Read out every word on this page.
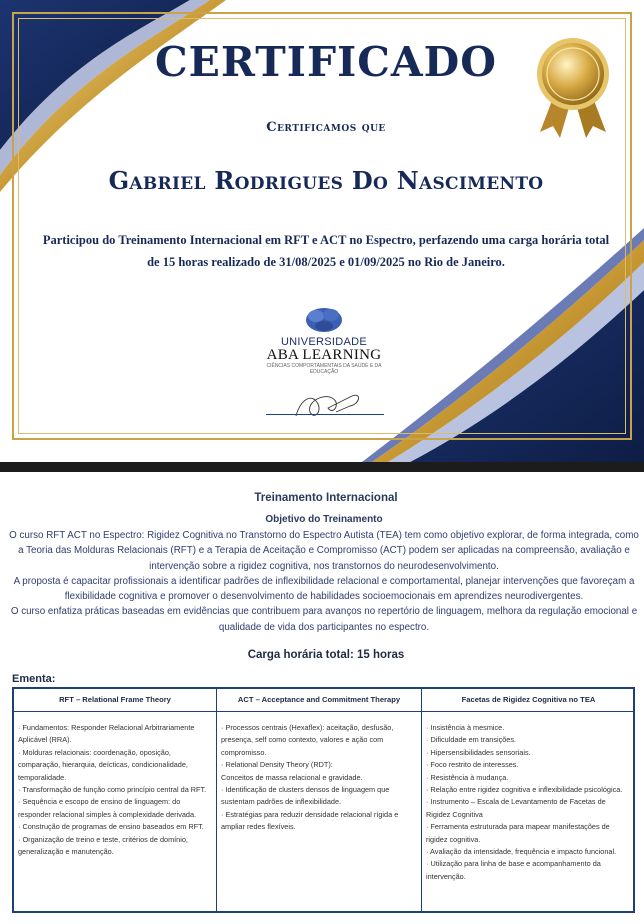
CERTIFICADO
Certificamos que
Gabriel Rodrigues Do Nascimento
Participou do Treinamento Internacional em RFT e ACT no Espectro, perfazendo uma carga horária total de 15 horas realizado de 31/08/2025 e 01/09/2025 no Rio de Janeiro.
UNIVERSIDADE
ABA LEARNING
CIÊNCIAS COMPORTAMENTAIS DA SAÚDE E DA EDUCAÇÃO
Treinamento Internacional
Objetivo do Treinamento
O curso RFT ACT no Espectro: Rigidez Cognitiva no Transtorno do Espectro Autista (TEA) tem como objetivo explorar, de forma integrada, como a Teoria das Molduras Relacionais (RFT) e a Terapia de Aceitação e Compromisso (ACT) podem ser aplicadas na compreensão, avaliação e intervenção sobre a rigidez cognitiva, nos transtornos do neurodesenvolvimento.
A proposta é capacitar profissionais a identificar padrões de inflexibilidade relacional e comportamental, planejar intervenções que favoreçam a flexibilidade cognitiva e promover o desenvolvimento de habilidades socioemocionais em aprendizes neurodivergentes.
O curso enfatiza práticas baseadas em evidências que contribuem para avanços no repertório de linguagem, melhora da regulação emocional e qualidade de vida dos participantes no espectro.
Carga horária total: 15 horas
Ementa:
RFT – Relational Frame Theory
· Fundamentos: Responder Relacional Arbitrariamente Aplicável (RRA).
· Molduras relacionais: coordenação, oposição, comparação, hierarquia, deícticas, condicionalidade, temporalidade.
· Transformação de função como princípio central da RFT.
· Sequência e escopo de ensino de linguagem: do responder relacional simples à complexidade derivada.
· Construção de programas de ensino baseados em RFT.
· Organização de treino e teste, critérios de domínio, generalização e manutenção.
ACT – Acceptance and Commitment Therapy
· Processos centrais (Hexaflex): aceitação, desfusão, presença, self como contexto, valores e ação com compromisso.
· Relational Density Theory (RDT):
Conceitos de massa relacional e gravidade.
· Identificação de clusters densos de linguagem que sustentam padrões de inflexibilidade.
· Estratégias para reduzir densidade relacional rígida e ampliar redes flexíveis.
Facetas de Rigidez Cognitiva no TEA
· Insistência à mesmice.
· Dificuldade em transições.
· Hipersensibilidades sensoriais.
· Foco restrito de interesses.
· Resistência à mudança.
· Relação entre rigidez cognitiva e inflexibilidade psicológica.
· Instrumento – Escala de Levantamento de Facetas de Rigidez Cognitiva
· Ferramenta estruturada para mapear manifestações de rigidez cognitiva.
· Avaliação da intensidade, frequência e impacto funcional.
· Utilização para linha de base e acompanhamento da intervenção.
